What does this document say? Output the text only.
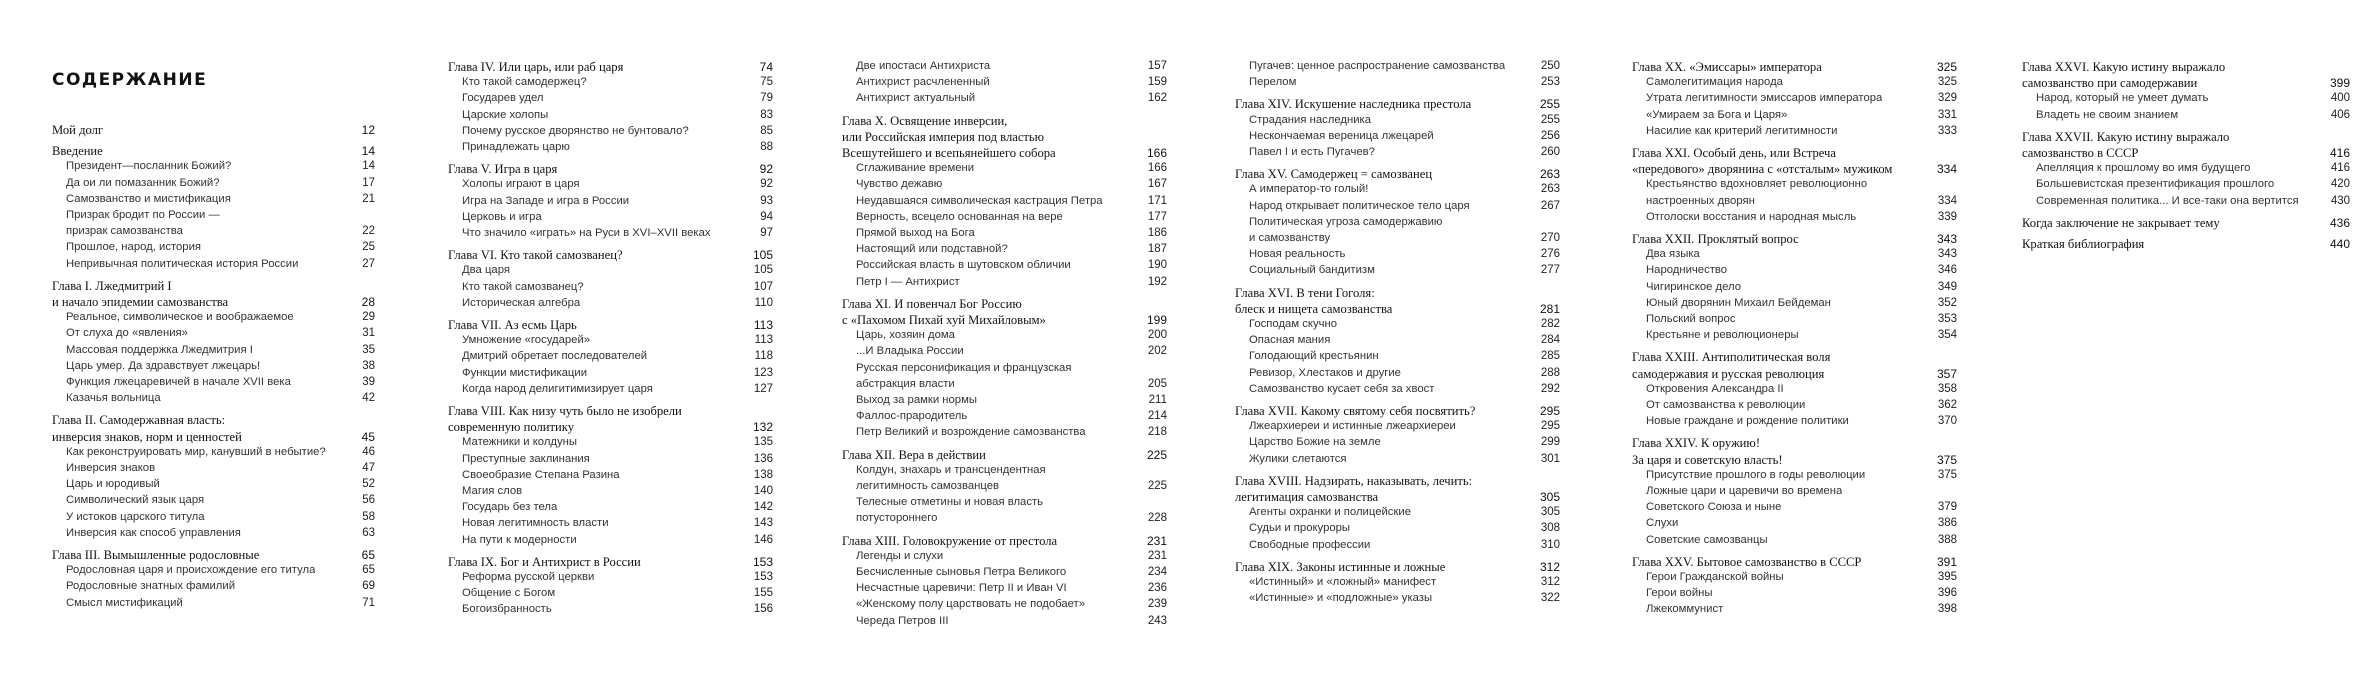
СОДЕРЖАНИЕ
Мой долг	12
Введение	14
Президент—посланник Божий?	14
Да ои ли помазанник Божий?	17
Самозванство и мистификация	21
Призрак бродит по России —
призрак самозванства	22
Прошлое, народ, история	25
Непривычная политическая история России	27
Глава I. Лжедмитрий I
и начало эпидемии самозванства	28
Реальное, символическое и воображаемое	29
От слуха до «явления»	31
Массовая поддержка Лжедмитрия I	35
Царь умер. Да здравствует лжецарь!	38
Функция лжецаревичей в начале XVII века	39
Казачья вольница	42
Глава II. Самодержавная власть:
инверсия знаков, норм и ценностей	45
Как реконструировать мир, канувший в небытие?	46
Инверсия знаков	47
Царь и юродивый	52
Символический язык царя	56
У истоков царского титула	58
Инверсия как способ управления	63
Глава III. Вымышленные родословные	65
Родословная царя и происхождение его титула	65
Родословные знатных фамилий	69
Смысл мистификаций	71
Глава IV. Или царь, или раб царя	74
Кто такой самодержец?	75
Государев удел	79
Царские холопы	83
Почему русское дворянство не бунтовало?	85
Принадлежать царю	88
Глава V. Игра в царя	92
Холопы играют в царя	92
Игра на Западе и игра в России	93
Церковь и игра	94
Что значило «играть» на Руси в XVI–XVII веках	97
Глава VI. Кто такой самозванец?	105
Два царя	105
Кто такой самозванец?	107
Историческая алгебра	110
Глава VII. Аз есмь Царь	113
Умножение «государей»	113
Дмитрий обретает последователей	118
Функции мистификации	123
Когда народ делигитимизирует царя	127
Глава VIII. Как низу чуть было не изобрели
современную политику	132
Матежники и колдуны	135
Преступные заклинания	136
Своеобразие Степана Разина	138
Магия слов	140
Государь без тела	142
Новая легитимность власти	143
На пути к модерности	146
Глава IX. Бог и Антихрист в России	153
Реформа русской церкви	153
Общение с Богом	155
Богоизбранность	156
Две ипостаси Антихриста	157
Антихрист расчлененный	159
Антихрист актуальный	162
Глава X. Освящение инверсии,
или Российская империя под властью
Всешутейшего и всепьянейшего собора	166
Сглаживание времени	166
Чувство дежавю	167
Неудавшаяся символическая кастрация Петра	171
Верность, всецело основанная на вере	177
Прямой выход на Бога	186
Настоящий или подставной?	187
Российская власть в шутовском обличии	190
Петр I — Антихрист	192
Глава XI. И повенчал Бог Россию
с «Пахомом Пихай хуй Михайловым»	199
Царь, хозяин дома	200
...И Владыка России	202
Русская персонификация и французская
абстракция власти	205
Выход за рамки нормы	211
Фаллос-прародитель	214
Петр Великий и возрождение самозванства	218
Глава XII. Вера в действии	225
Колдун, знахарь и трансцендентная
легитимность самозванцев	225
Телесные отметины и новая власть
потустороннего	228
Глава XIII. Головокружение от престола	231
Легенды и слухи	231
Бесчисленные сыновья Петра Великого	234
Несчастные царевичи: Петр II и Иван VI	236
«Женскому полу царствовать не подобает»	239
Чередa Петров III	243
Пугачев: ценное распространение самозванства	250
Перелом	253
Глава XIV. Искушение наследника престола	255
Страдания наследника	255
Нескончаемая вереница лжецарей	256
Павел I и есть Пугачев?	260
Глава XV. Самодержец = самозванец	263
А император-то голый!	263
Народ открывает политическое тело царя	267
Политическая угроза самодержавию
и самозванству	270
Новая реальность	276
Социальный бандитизм	277
Глава XVI. В тени Гоголя:
блеск и нищета самозванства	281
Господам скучно	282
Опасная мания	284
Голодающий крестьянин	285
Ревизор, Хлестаков и другие	288
Самозванство кусает себя за хвост	292
Глава XVII. Какому святому себя посвятить?	295
Лжеархиереи и истинные лжеархиереи	295
Царство Божие на земле	299
Жулики слетаются	301
Глава XVIII. Надзирать, наказывать, лечить:
легитимация самозванства	305
Агенты охранки и полицейские	305
Судьи и прокуроры	308
Свободные профессии	310
Глава XIX. Законы истинные и ложные	312
«Истинный» и «ложный» манифест	312
«Истинные» и «подложные» указы	322
Глава XX. «Эмиссары» императора	325
Самолегитимация народа	325
Утрата легитимности эмиссаров императора	329
«Умираем за Бога и Царя»	331
Насилие как критерий легитимности	333
Глава XXI. Особый день, или Встреча
«передового» дворянина с «отсталым» мужиком	334
Крестьянство вдохновляет революционно
настроенных дворян	334
Отголоски восстания и народная мысль	339
Глава XXII. Проклятый вопрос	343
Два языка	343
Народничество	346
Чигиринское дело	349
Юный дворянин Михаил Бейдеман	352
Польский вопрос	353
Крестьяне и революционеры	354
Глава XXIII. Антиполитическая воля
самодержавия и русская революция	357
Откровения Александра II	358
От самозванства к революции	362
Новые граждане и рождение политики	370
Глава XXIV. К оружию!
За царя и советскую власть!	375
Присутствие прошлого в годы революции	375
Ложные цари и царевичи во времена
Советского Союза и ныне	379
Слухи	386
Советские самозванцы	388
Глава XXV. Бытовое самозванство в СССР	391
Герои Гражданской войны	395
Герои войны	396
Лжекоммунист	398
Глава XXVI. Какую истину выражало
самозванство при самодержавии	399
Народ, который не умеет думать	400
Владеть не своим знанием	406
Глава XXVII. Какую истину выражало
самозванство в СССР	416
Апелляция к прошлому во имя будущего	416
Большевистская презентификация прошлого	420
Современная политика... И все-таки она вертится	430
Когда заключение не закрывает тему	436
Краткая библиография	440
